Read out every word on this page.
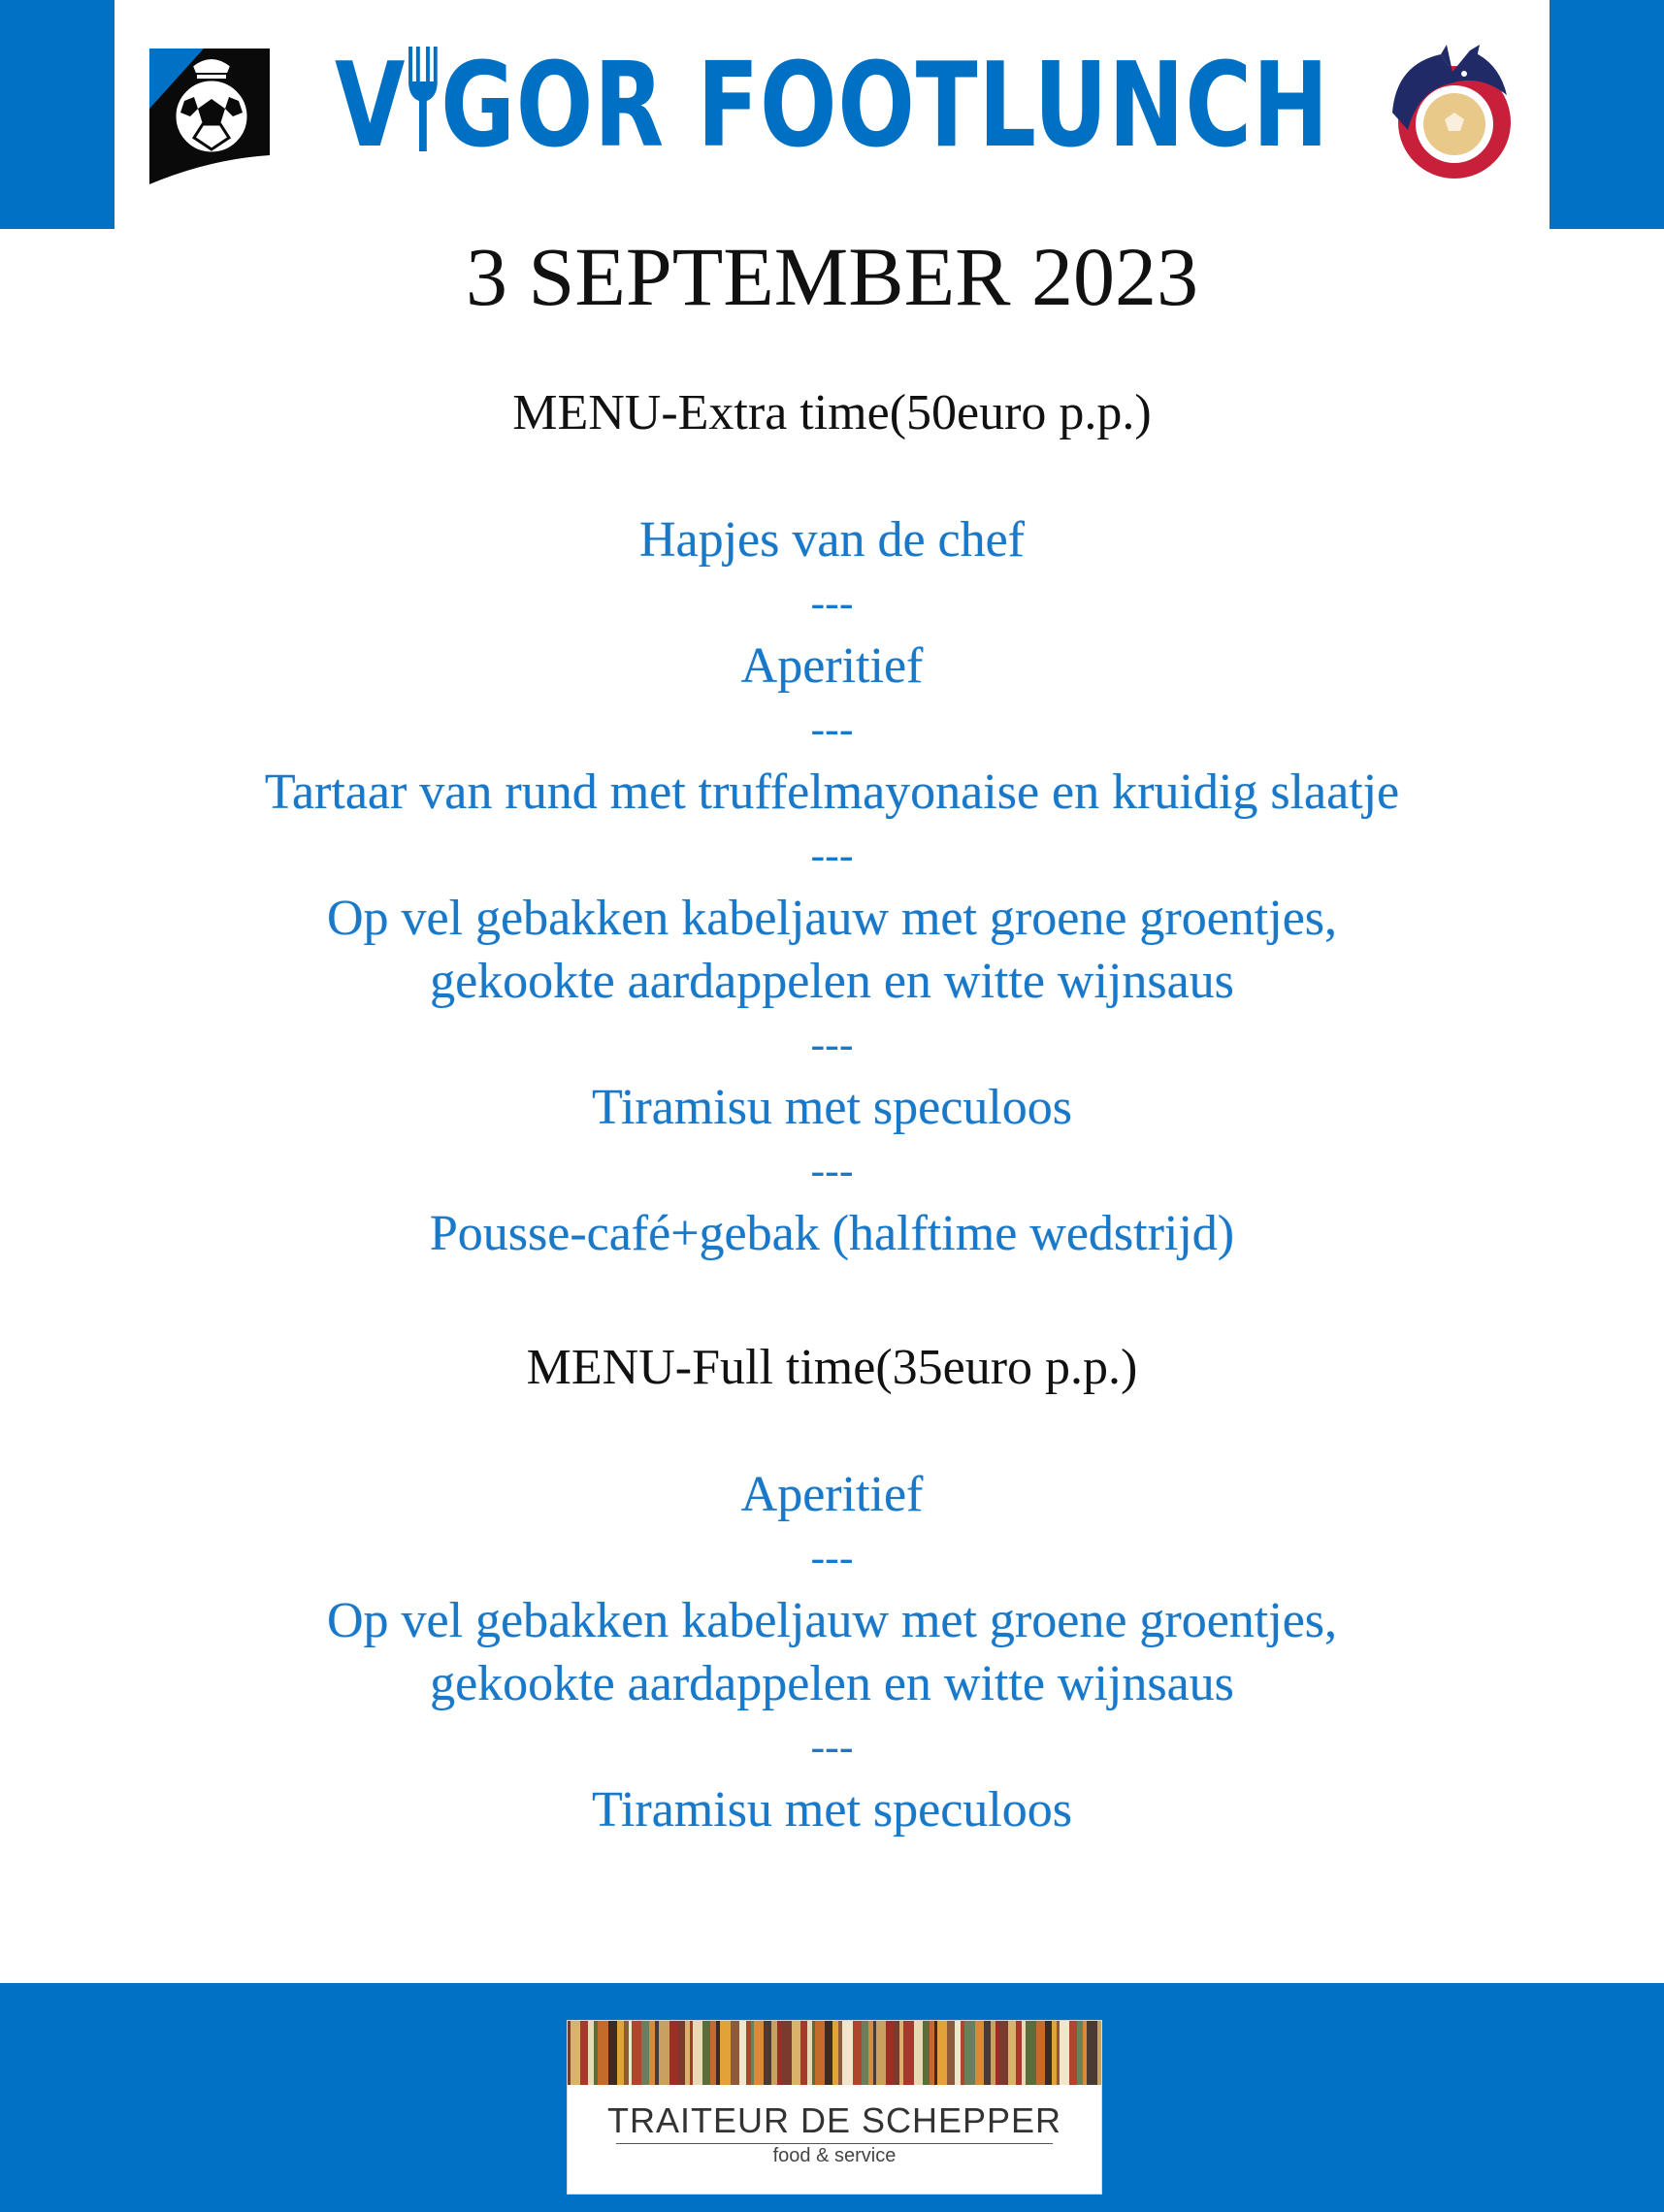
V GOR FOOTLUNCH
3 SEPTEMBER 2023

MENU-Extra time(50euro p.p.)

Hapjes van de chef

---

Aperitief

---

Tartaar van rund met truffelmayonaise en kruidig slaatje

---

Op vel gebakken kabeljauw met groene groentjes,

gekookte aardappelen en witte wijnsaus

---

Tiramisu met speculoos

---

Pousse-café+gebak (halftime wedstrijd)

MENU-Full time(35euro p.p.)

Aperitief

---

Op vel gebakken kabeljauw met groene groentjes,

gekookte aardappelen en witte wijnsaus

---

Tiramisu met speculoos

TRAITEUR DE SCHEPPER
food & service
